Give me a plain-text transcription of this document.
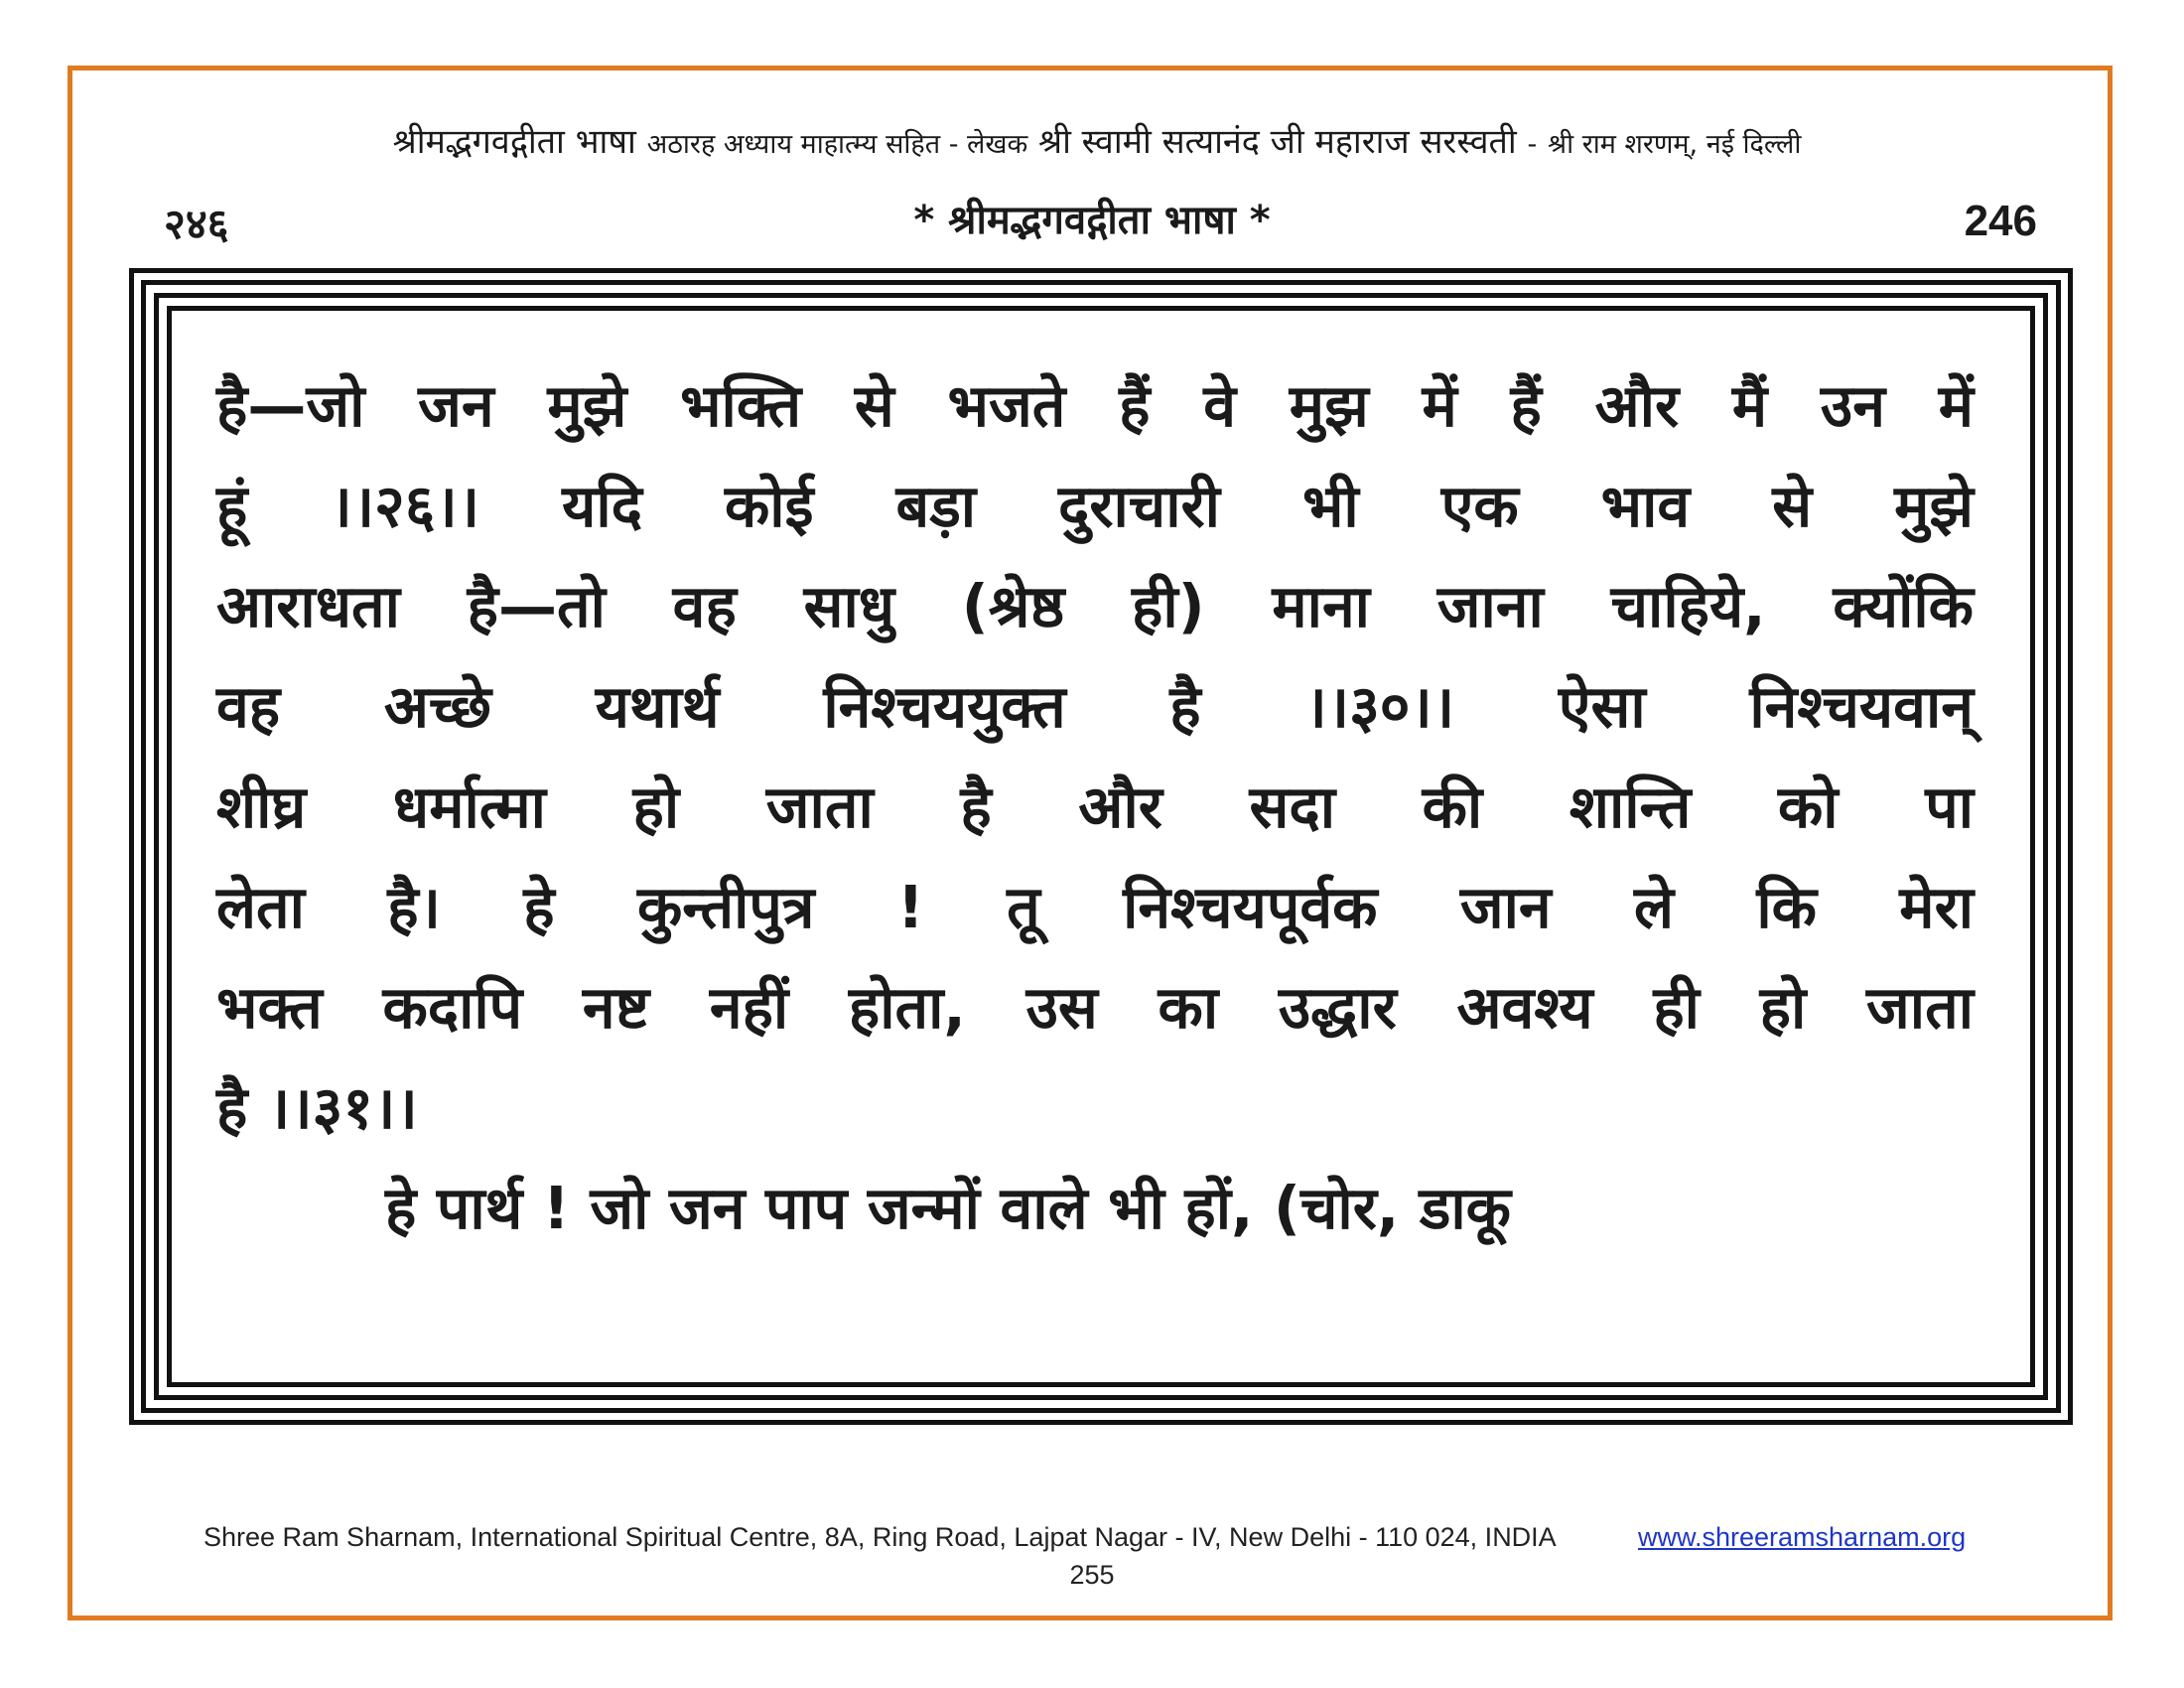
श्रीमद्भगवद्गीता भाषा अठारह अध्याय माहात्म्य सहित - लेखक श्री स्वामी सत्यानंद जी महाराज सरस्वती - श्री राम शरणम्, नई दिल्ली
२४६	* श्रीमद्भगवद्गीता भाषा *	246
है—जो जन मुझे भक्ति से भजते हैं वे मुझ में हैं और मैं उन में
हूं ।।२६।। यदि कोई बड़ा दुराचारी भी एक भाव से मुझे
आराधता है—तो वह साधु (श्रेष्ठ ही) माना जाना चाहिये, क्योंकि
वह अच्छे यथार्थ निश्चययुक्त है ।।३०।। ऐसा निश्चयवान्
शीघ्र धर्मात्मा हो जाता है और सदा की शान्ति को पा
लेता है। हे कुन्तीपुत्र ! तू निश्चयपूर्वक जान ले कि मेरा
भक्त कदापि नष्ट नहीं होता, उस का उद्धार अवश्य ही हो जाता
है ।।३१।।
हे पार्थ ! जो जन पाप जन्मों वाले भी हों, (चोर, डाकू
Shree Ram Sharnam, International Spiritual Centre, 8A, Ring Road, Lajpat Nagar - IV, New Delhi - 110 024, INDIA	www.shreeramsharnam.org
255
